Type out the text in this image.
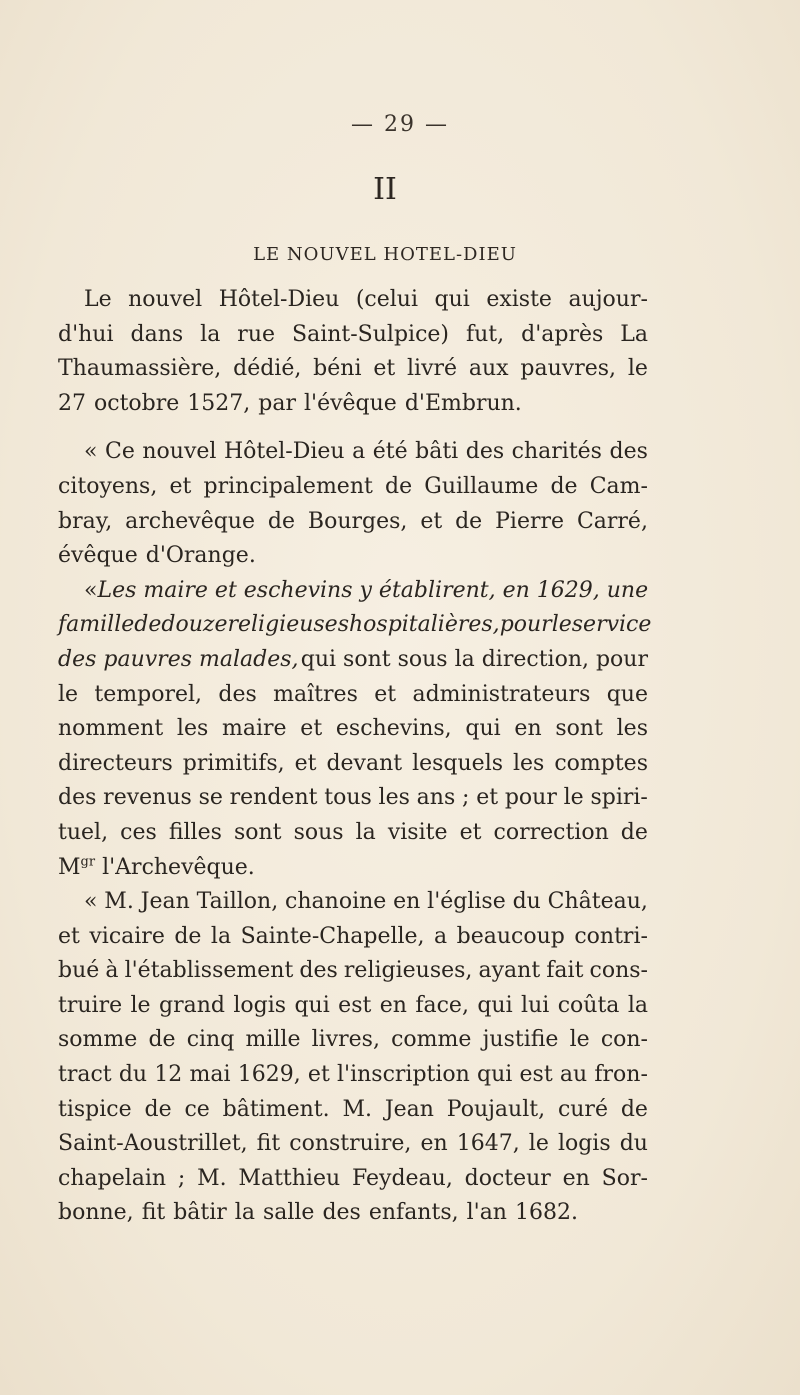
— 29 —
II
LE NOUVEL HOTEL-DIEU
Le nouvel Hôtel-Dieu (celui qui existe aujour-
d'hui dans la rue Saint-Sulpice) fut, d'après La
Thaumassière, dédié, béni et livré aux pauvres, le
27 octobre 1527, par l'évêque d'Embrun.
« Ce nouvel Hôtel-Dieu a été bâti des charités des
citoyens, et principalement de Guillaume de Cam-
bray, archevêque de Bourges, et de Pierre Carré,
évêque d'Orange.
« Les maire et eschevins y établirent, en 1629, une
famille de douze religieuses hospitalières, pour le service
des pauvres malades, qui sont sous la direction, pour
le temporel, des maîtres et administrateurs que
nomment les maire et eschevins, qui en sont les
directeurs primitifs, et devant lesquels les comptes
des revenus se rendent tous les ans ; et pour le spiri-
tuel, ces filles sont sous la visite et correction de
$M^{gr}$
l'Archevêque.
« M. Jean Taillon, chanoine en l'église du Château,
et vicaire de la Sainte-Chapelle, a beaucoup contri-
bué à l'établissement des religieuses, ayant fait cons-
truire le grand logis qui est en face, qui lui coûta la
somme de cinq mille livres, comme justifie le con-
tract du 12 mai 1629, et l'inscription qui est au fron-
tispice de ce bâtiment. M. Jean Poujault, curé de
Saint-Aoustrillet, fit construire, en 1647, le logis du
chapelain ; M. Matthieu Feydeau, docteur en Sor-
bonne, fit bâtir la salle des enfants, l'an 1682.
